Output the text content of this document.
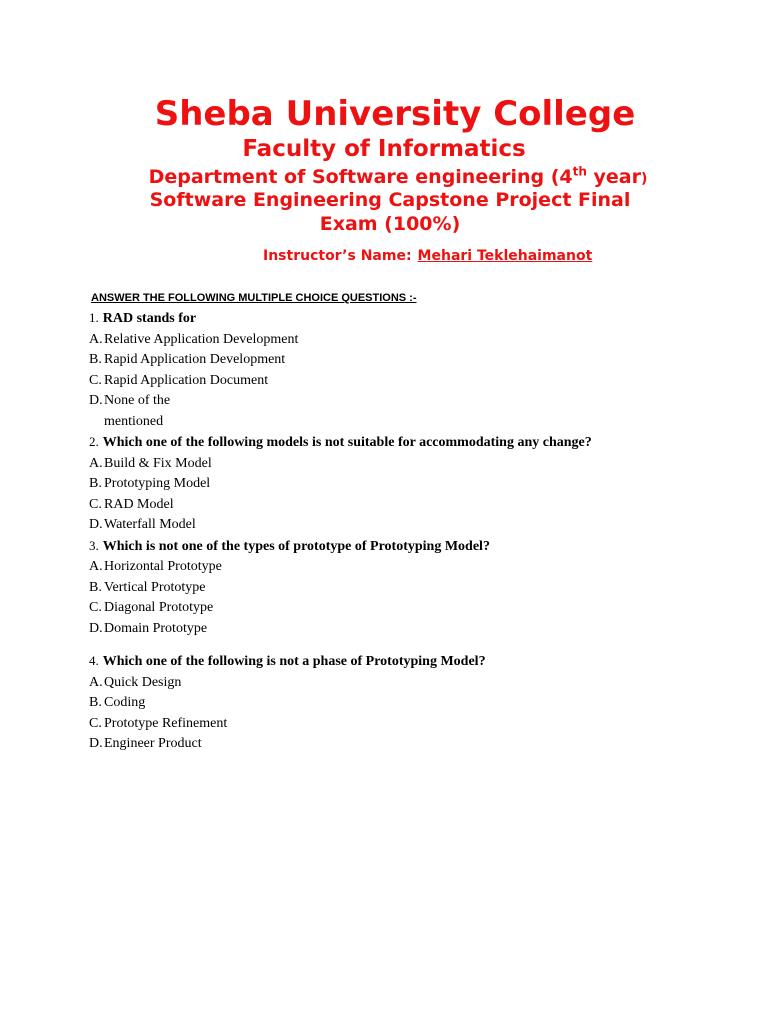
Sheba University College
Faculty of Informatics
Department of Software engineering (4th year)
Software Engineering Capstone Project Final
Exam (100%)
Instructor’s Name: Mehari Teklehaimanot
ANSWER THE FOLLOWING MULTIPLE CHOICE QUESTIONS :-
1. RAD stands for
A. Relative Application Development
B. Rapid Application Development
C. Rapid Application Document
D. None of the mentioned
2. Which one of the following models is not suitable for accommodating any change?
A. Build & Fix Model
B. Prototyping Model
C. RAD Model
D. Waterfall Model
3. Which is not one of the types of prototype of Prototyping Model?
A. Horizontal Prototype
B. Vertical Prototype
C. Diagonal Prototype
D. Domain Prototype
4. Which one of the following is not a phase of Prototyping Model?
A. Quick Design
B. Coding
C. Prototype Refinement
D. Engineer Product
